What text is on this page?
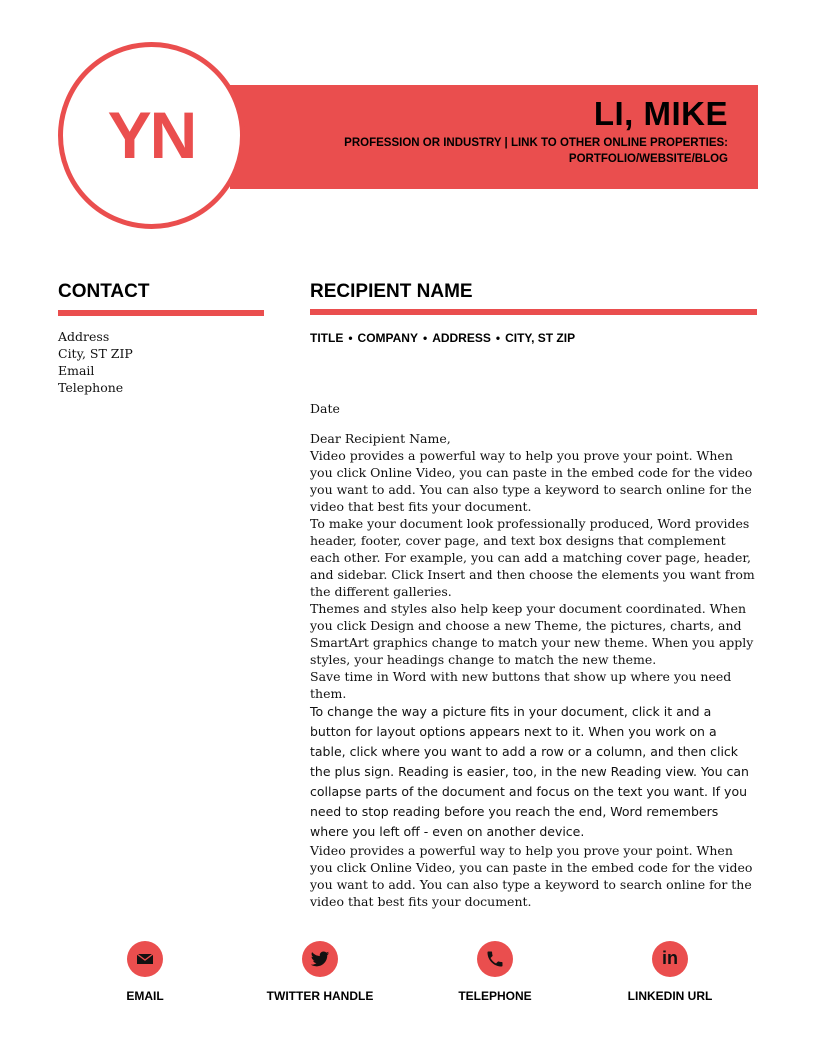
LI, MIKE
PROFESSION OR INDUSTRY | LINK TO OTHER ONLINE PROPERTIES:
PORTFOLIO/WEBSITE/BLOG
YN
CONTACT
Address
City, ST ZIP
Email
Telephone
RECIPIENT NAME
TITLE • COMPANY • ADDRESS • CITY, ST ZIP

Date

Dear Recipient Name,

Video provides a powerful way to help you prove your point. When you click Online Video, you can paste in the embed code for the video you want to add. You can also type a keyword to search online for the video that best fits your document.

To make your document look professionally produced, Word provides header, footer, cover page, and text box designs that complement each other. For example, you can add a matching cover page, header, and sidebar. Click Insert and then choose the elements you want from the different galleries.

Themes and styles also help keep your document coordinated. When you click Design and choose a new Theme, the pictures, charts, and SmartArt graphics change to match your new theme. When you apply styles, your headings change to match the new theme.

Save time in Word with new buttons that show up where you need them.

To change the way a picture fits in your document, click it and a button for layout options appears next to it. When you work on a table, click where you want to add a row or a column, and then click the plus sign. Reading is easier, too, in the new Reading view. You can collapse parts of the document and focus on the text you want. If you need to stop reading before you reach the end, Word remembers where you left off - even on another device.

Video provides a powerful way to help you prove your point. When you click Online Video, you can paste in the embed code for the video you want to add. You can also type a keyword to search online for the video that best fits your document.

EMAIL	TWITTER HANDLE	TELEPHONE
in
LINKEDIN URL
